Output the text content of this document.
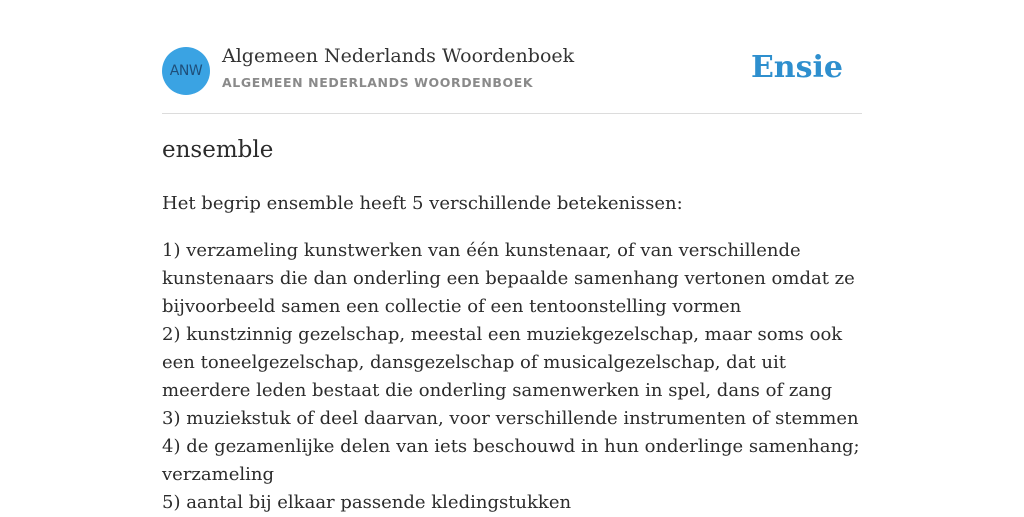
ANW
Algemeen Nederlands Woordenboek
ALGEMEEN NEDERLANDS WOORDENBOEK	Ensie
ensemble

Het begrip ensemble heeft 5 verschillende betekenissen:

1) verzameling kunstwerken van één kunstenaar, of van verschillende kunstenaars die dan onderling een bepaalde samenhang vertonen omdat ze bijvoorbeeld samen een collectie of een tentoonstelling vormen
2) kunstzinnig gezelschap, meestal een muziekgezelschap, maar soms ook een toneelgezelschap, dansgezelschap of musicalgezelschap, dat uit meerdere leden bestaat die onderling samenwerken in spel, dans of zang
3) muziekstuk of deel daarvan, voor verschillende instrumenten of stemmen
4) de gezamenlijke delen van iets beschouwd in hun onderlinge samenhang; verzameling
5) aantal bij elkaar passende kledingstukken
